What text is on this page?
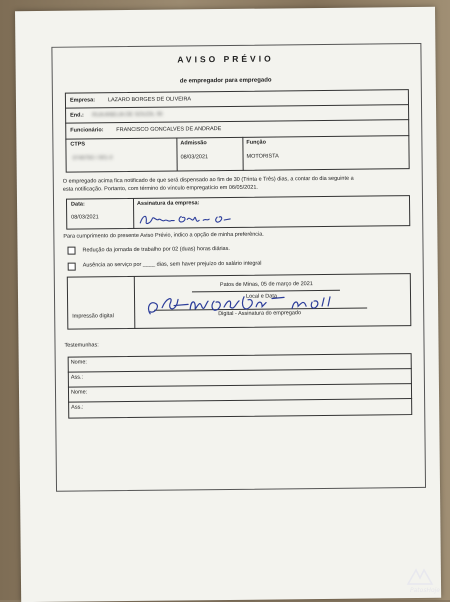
AVISO PRÉVIO
de empregador para empregado
Empresa: LAZARO BORGES DE OLIVEIRA
End.: RUA ANELIA DE SOUZA, 96
Funcionário: FRANCISCO GONCALVES DE ANDRADE
CTPS
0749760 / 001-0
Admissão
08/03/2021
Função
MOTORISTA
O empregado acima fica notificado de que será dispensado ao fim de 30 (Trinta e Três) dias, a contar do dia seguinte a
esta notificação. Portanto, com término do vínculo empregatício em 06/05/2021.
Data:
08/03/2021
Assinatura da empresa:
Para cumprimento do presente Aviso Prévio, indico a opção de minha preferência.
Redução da jornada de trabalho por 02 (duas) horas diárias.
Ausência ao serviço por ____ dias, sem haver prejuízo do salário integral
Patos de Minas, 05 de março de 2021
Local e Data
Impressão digital	Digital - Assinatura do empregado
Testemunhas:
Nome:
Ass.:
Nome:
Ass.:
PatosHoje
